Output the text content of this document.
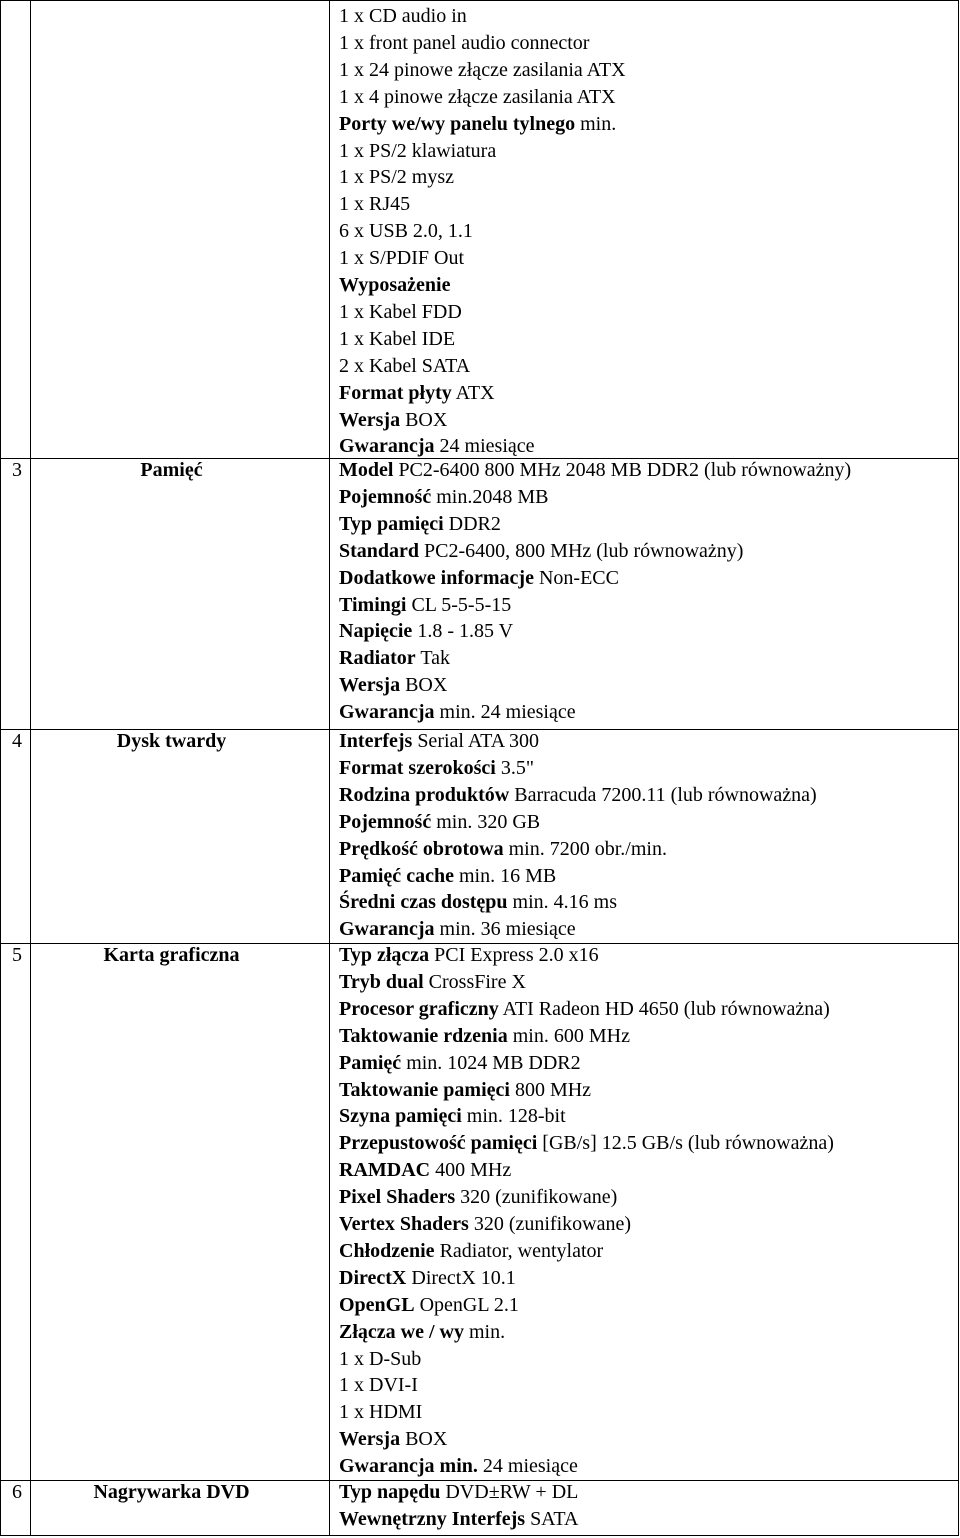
1 x CD audio in
1 x front panel audio connector
1 x 24 pinowe złącze zasilania ATX
1 x 4 pinowe złącze zasilania ATX
Porty we/wy panelu tylnego min.
1 x PS/2 klawiatura
1 x PS/2 mysz
1 x RJ45
6 x USB 2.0, 1.1
1 x S/PDIF Out
Wyposażenie
1 x Kabel FDD
1 x Kabel IDE
2 x Kabel SATA
Format płyty ATX
Wersja BOX
Gwarancja 24 miesiące
3	Pamięć	Model PC2-6400 800 MHz 2048 MB DDR2 (lub równoważny)
Pojemność min.2048 MB
Typ pamięci DDR2
Standard PC2-6400, 800 MHz (lub równoważny)
Dodatkowe informacje Non-ECC
Timingi CL 5-5-5-15
Napięcie 1.8 - 1.85 V
Radiator Tak
Wersja BOX
Gwarancja min. 24 miesiące
4	Dysk twardy	Interfejs Serial ATA 300
Format szerokości 3.5"
Rodzina produktów Barracuda 7200.11 (lub równoważna)
Pojemność min. 320 GB
Prędkość obrotowa min. 7200 obr./min.
Pamięć cache min. 16 MB
Średni czas dostępu min. 4.16 ms
Gwarancja min. 36 miesiące
5	Karta graficzna	Typ złącza PCI Express 2.0 x16
Tryb dual CrossFire X
Procesor graficzny ATI Radeon HD 4650 (lub równoważna)
Taktowanie rdzenia min. 600 MHz
Pamięć min. 1024 MB DDR2
Taktowanie pamięci 800 MHz
Szyna pamięci min. 128-bit
Przepustowość pamięci [GB/s] 12.5 GB/s (lub równoważna)
RAMDAC 400 MHz
Pixel Shaders 320 (zunifikowane)
Vertex Shaders 320 (zunifikowane)
Chłodzenie Radiator, wentylator
DirectX DirectX 10.1
OpenGL OpenGL 2.1
Złącza we / wy min.
1 x D-Sub
1 x DVI-I
1 x HDMI
Wersja BOX
Gwarancja min. 24 miesiące
6	Nagrywarka DVD	Typ napędu DVD±RW + DL
Wewnętrzny Interfejs SATA
